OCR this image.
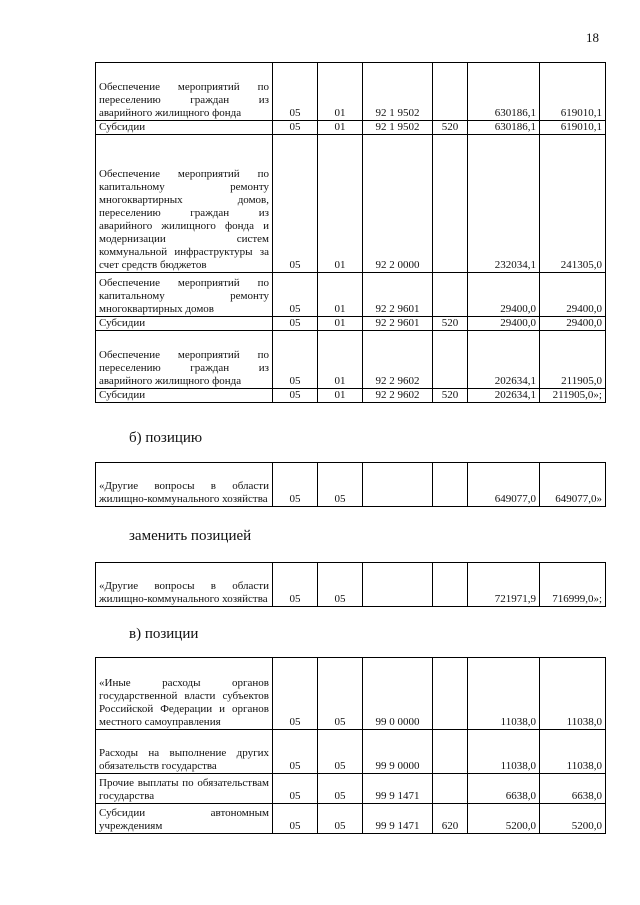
18
Обеспечение мероприятий по переселению граждан из аварийного жилищного фонда	05	01	92 1 9502		630186,1	619010,1
Субсидии	05	01	92 1 9502	520	630186,1	619010,1
Обеспечение мероприятий по капитальному ремонту многоквартирных домов, переселению граждан из аварийного жилищного фонда и модернизации систем коммунальной инфраструктуры за счет средств бюджетов	05	01	92 2 0000		232034,1	241305,0
Обеспечение мероприятий по капитальному ремонту многоквартирных домов	05	01	92 2 9601		29400,0	29400,0
Субсидии	05	01	92 2 9601	520	29400,0	29400,0
Обеспечение мероприятий по переселению граждан из аварийного жилищного фонда	05	01	92 2 9602		202634,1	211905,0
Субсидии	05	01	92 2 9602	520	202634,1	211905,0»;
б) позицию
«Другие вопросы в области жилищно-коммунального хозяйства	05	05			649077,0	649077,0»
заменить позицией
«Другие вопросы в области жилищно-коммунального хозяйства	05	05			721971,9	716999,0»;
в) позиции
«Иные расходы органов государственной власти субъектов Российской Федерации и органов местного самоуправления	05	05	99 0 0000		11038,0	11038,0
Расходы на выполнение других обязательств государства	05	05	99 9 0000		11038,0	11038,0
Прочие выплаты по обязательствам государства	05	05	99 9 1471		6638,0	6638,0
Субсидии автономным учреждениям	05	05	99 9 1471	620	5200,0	5200,0
